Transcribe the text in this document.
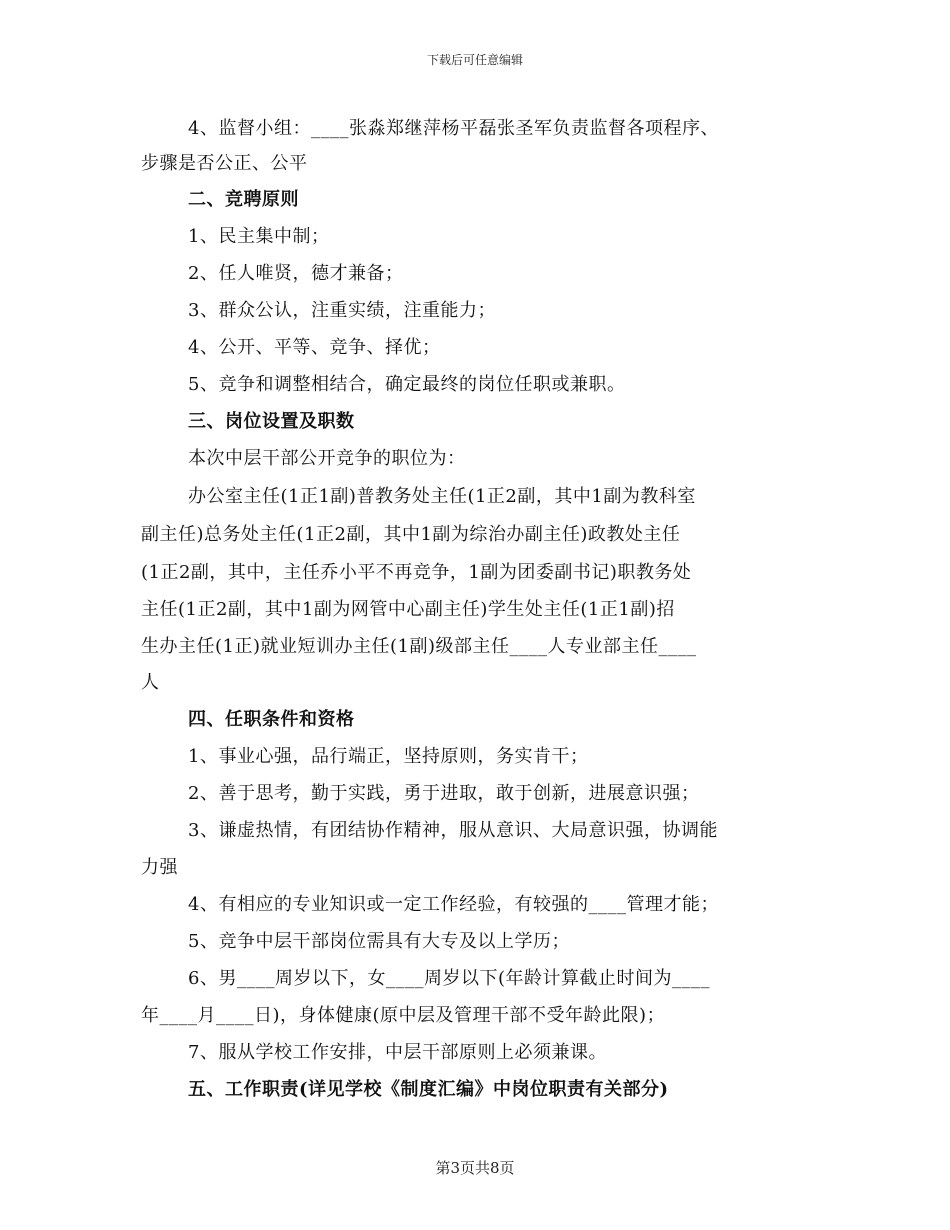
下载后可任意编辑
4、监督小组：____张淼郑继萍杨平磊张圣军负责监督各项程序、
步骤是否公正、公平
二、竞聘原则
1、民主集中制；
2、任人唯贤，德才兼备；
3、群众公认，注重实绩，注重能力；
4、公开、平等、竞争、择优；
5、竞争和调整相结合，确定最终的岗位任职或兼职。
三、岗位设置及职数
本次中层干部公开竞争的职位为：
办公室主任(1正1副)普教务处主任(1正2副，其中1副为教科室
副主任)总务处主任(1正2副，其中1副为综治办副主任)政教处主任
(1正2副，其中，主任乔小平不再竞争，1副为团委副书记)职教务处
主任(1正2副，其中1副为网管中心副主任)学生处主任(1正1副)招
生办主任(1正)就业短训办主任(1副)级部主任____人专业部主任____
人
四、任职条件和资格
1、事业心强，品行端正，坚持原则，务实肯干；
2、善于思考，勤于实践，勇于进取，敢于创新，进展意识强；
3、谦虚热情，有团结协作精神，服从意识、大局意识强，协调能
力强
4、有相应的专业知识或一定工作经验，有较强的____管理才能；
5、竞争中层干部岗位需具有大专及以上学历；
6、男____周岁以下，女____周岁以下(年龄计算截止时间为____
年____月____日)，身体健康(原中层及管理干部不受年龄此限)；
7、服从学校工作安排，中层干部原则上必须兼课。
五、工作职责(详见学校《制度汇编》中岗位职责有关部分)
第3页共8页
